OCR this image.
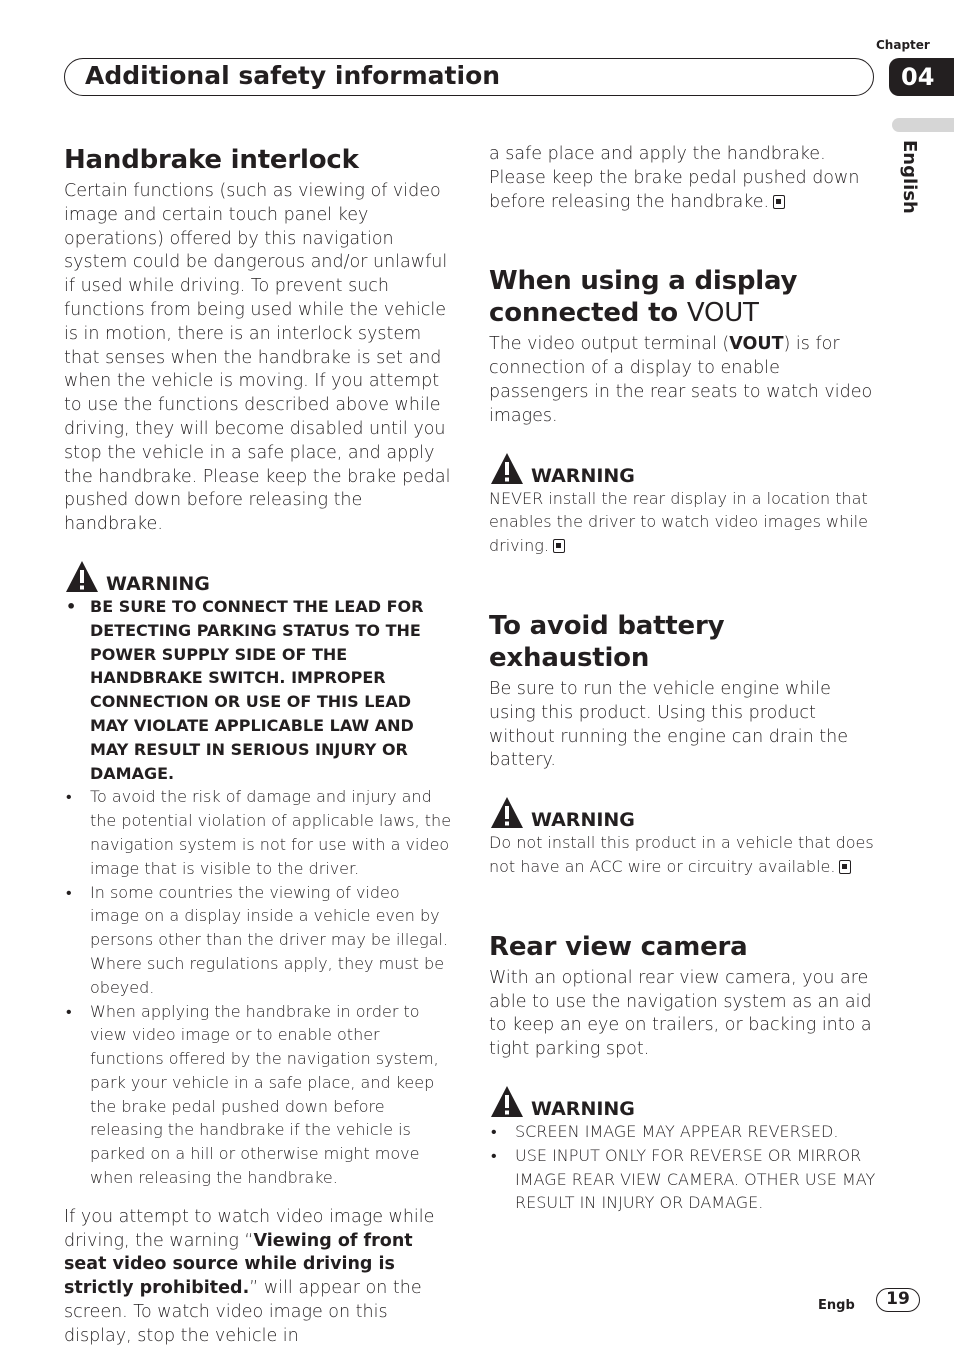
Chapter
04
Additional safety information
English
Handbrake interlock

Certain functions (such as viewing of video image and certain touch panel key operations) offered by this navigation system could be dangerous and/or unlawful if used while driving. To prevent such functions from being used while the vehicle is in motion, there is an interlock system that senses when the handbrake is set and when the vehicle is moving. If you attempt to use the functions described above while driving, they will become disabled until you stop the vehicle in a safe place, and apply the handbrake. Please keep the brake pedal pushed down before releasing the handbrake.

WARNING
• BE SURE TO CONNECT THE LEAD FOR DETECTING PARKING STATUS TO THE POWER SUPPLY SIDE OF THE HANDBRAKE SWITCH. IMPROPER CONNECTION OR USE OF THIS LEAD MAY VIOLATE APPLICABLE LAW AND MAY RESULT IN SERIOUS INJURY OR DAMAGE.
• To avoid the risk of damage and injury and the potential violation of applicable laws, the navigation system is not for use with a video image that is visible to the driver.
• In some countries the viewing of video image on a display inside a vehicle even by persons other than the driver may be illegal. Where such regulations apply, they must be obeyed.
• When applying the handbrake in order to view video image or to enable other functions offered by the navigation system, park your vehicle in a safe place, and keep the brake pedal pushed down before releasing the handbrake if the vehicle is parked on a hill or otherwise might move when releasing the handbrake.

If you attempt to watch video image while driving, the warning “Viewing of front seat video source while driving is strictly prohibited.” will appear on the screen. To watch video image on this display, stop the vehicle in

a safe place and apply the handbrake. Please keep the brake pedal pushed down before releasing the handbrake.

When using a display connected to VOUT

The video output terminal (VOUT) is for connection of a display to enable passengers in the rear seats to watch video images.

WARNING

NEVER install the rear display in a location that enables the driver to watch video images while driving.

To avoid battery exhaustion

Be sure to run the vehicle engine while using this product. Using this product without running the engine can drain the battery.

WARNING

Do not install this product in a vehicle that does not have an ACC wire or circuitry available.

Rear view camera

With an optional rear view camera, you are able to use the navigation system as an aid to keep an eye on trailers, or backing into a tight parking spot.

WARNING
• SCREEN IMAGE MAY APPEAR REVERSED.
• USE INPUT ONLY FOR REVERSE OR MIRROR IMAGE REAR VIEW CAMERA. OTHER USE MAY RESULT IN INJURY OR DAMAGE.
Engb	19
